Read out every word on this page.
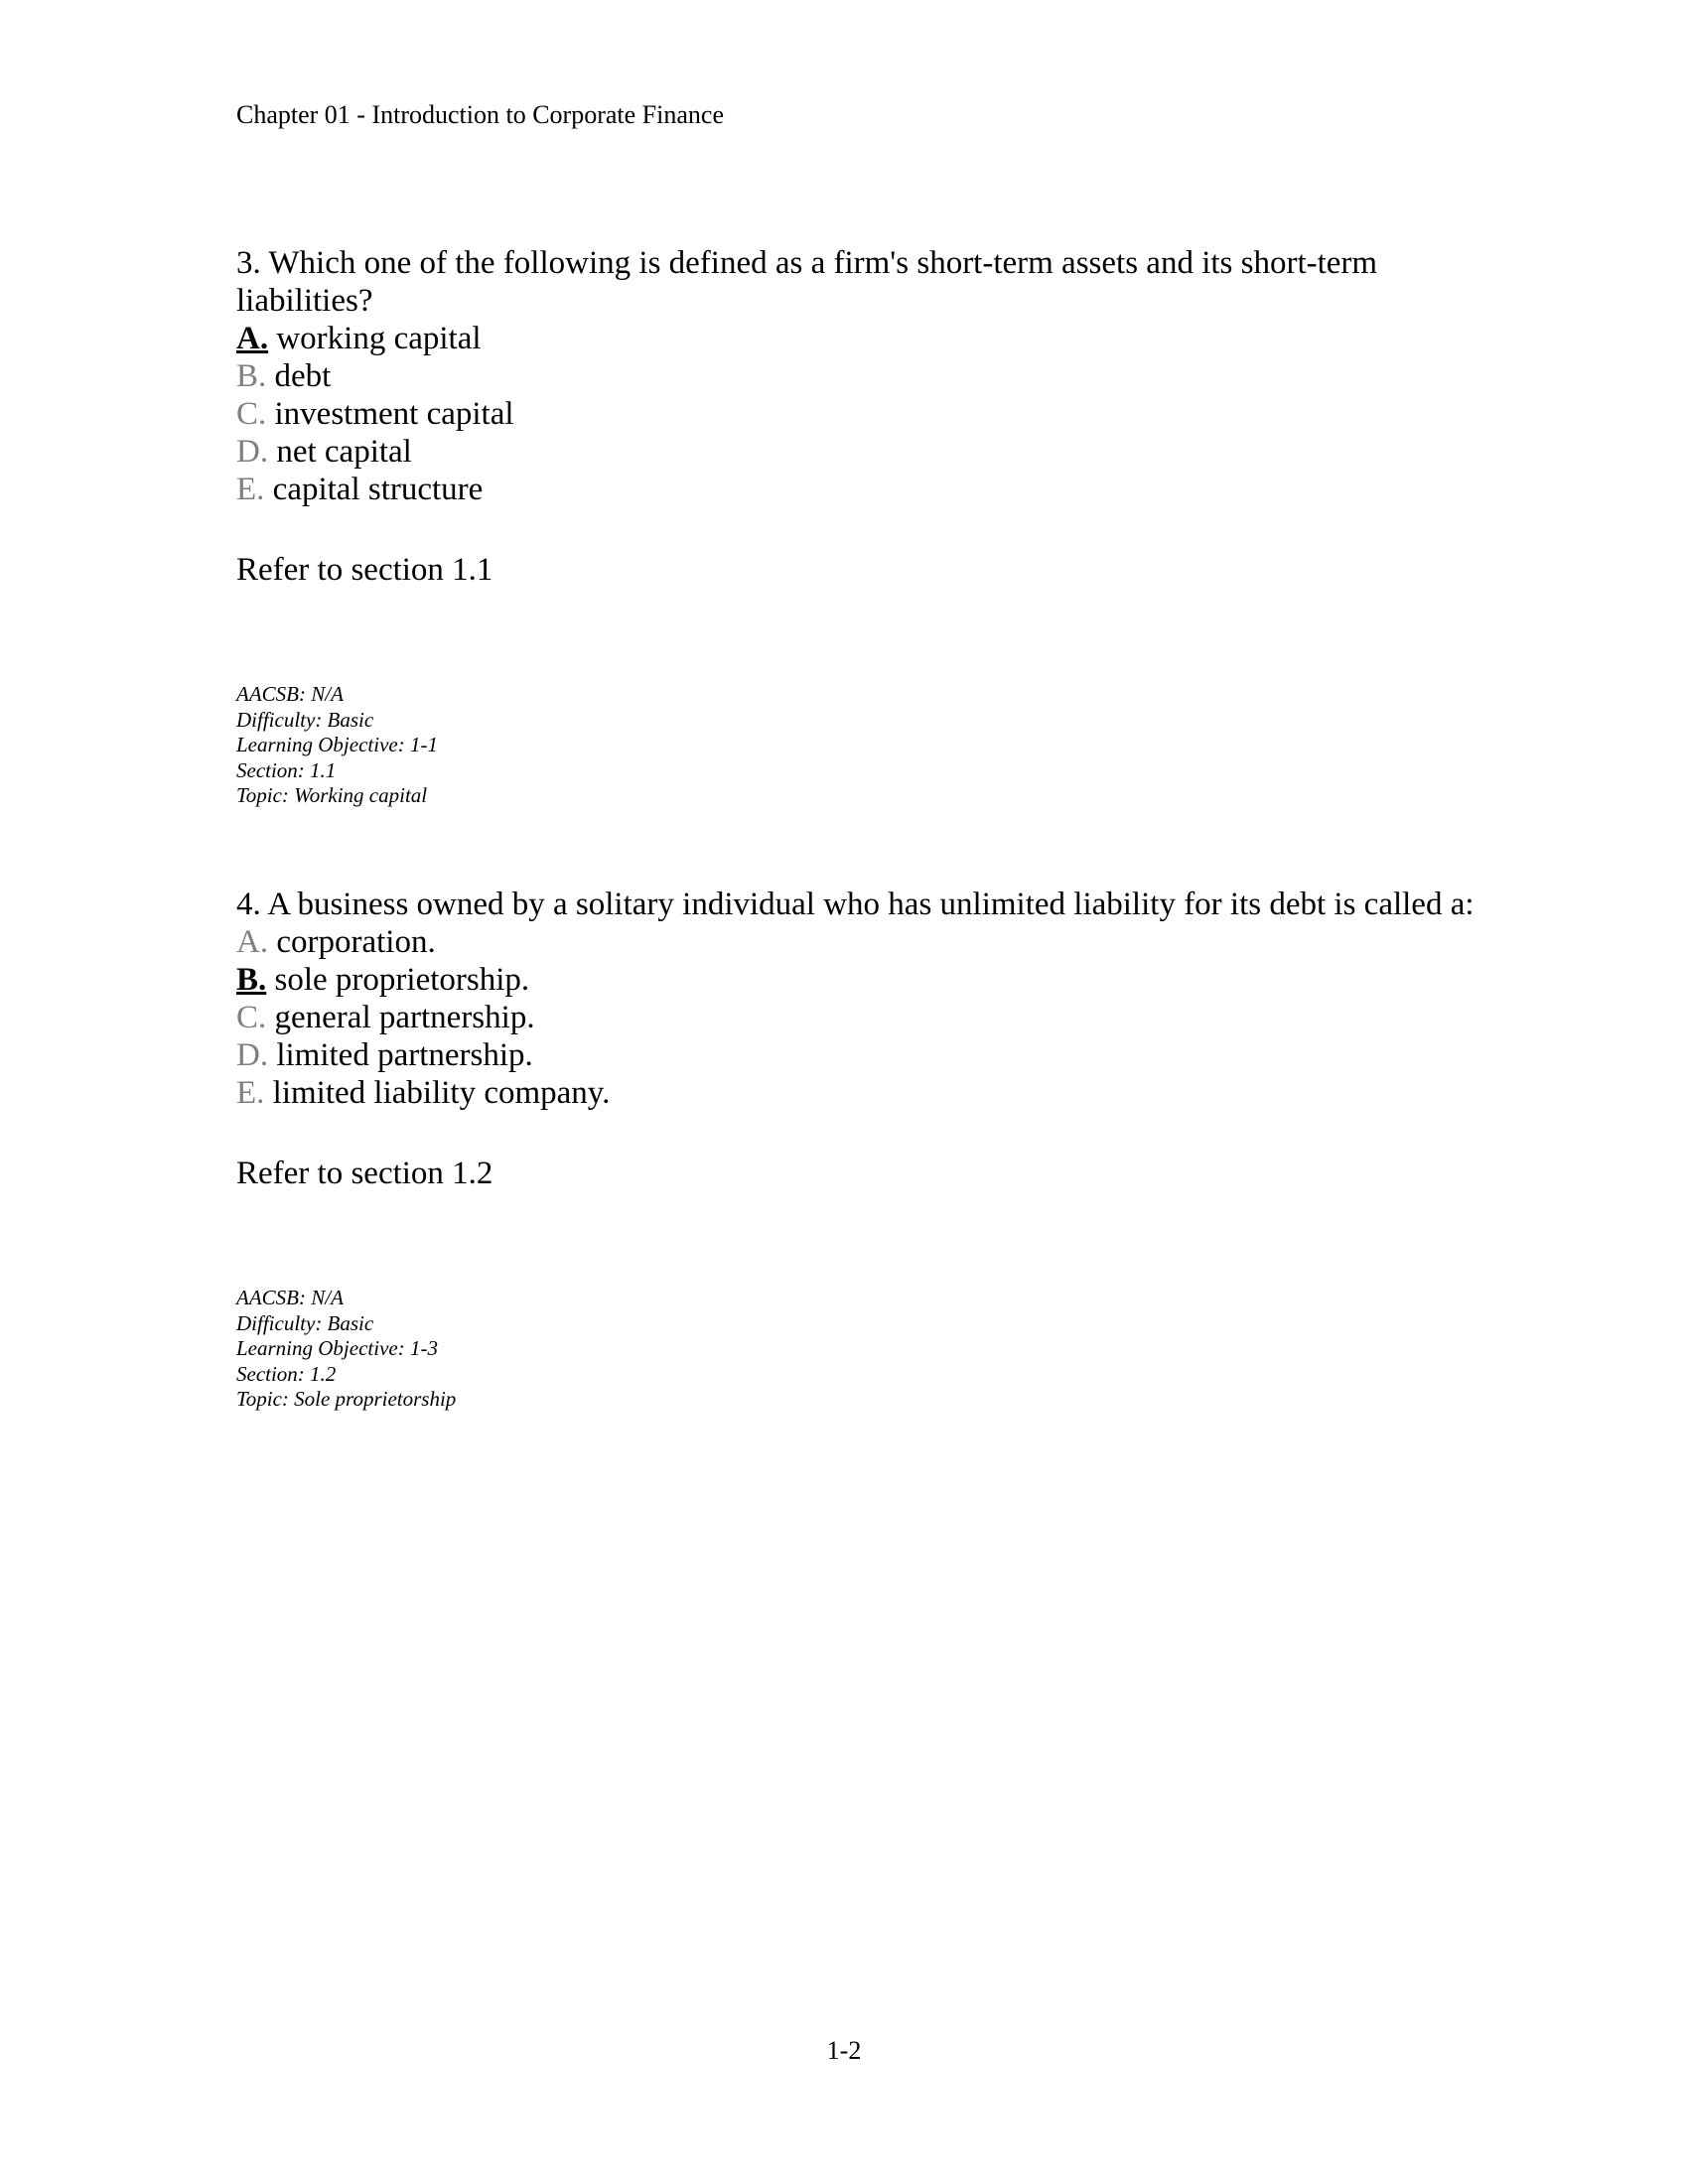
Chapter 01 - Introduction to Corporate Finance

3. Which one of the following is defined as a firm's short-term assets and its short-term liabilities?

A. working capital
B. debt
C. investment capital
D. net capital
E. capital structure
Refer to section 1.1
AACSB: N/A
Difficulty: Basic
Learning Objective: 1-1
Section: 1.1
Topic: Working capital

4. A business owned by a solitary individual who has unlimited liability for its debt is called a:

A. corporation.
B. sole proprietorship.
C. general partnership.
D. limited partnership.
E. limited liability company.
Refer to section 1.2
AACSB: N/A
Difficulty: Basic
Learning Objective: 1-3
Section: 1.2
Topic: Sole proprietorship
1-2
